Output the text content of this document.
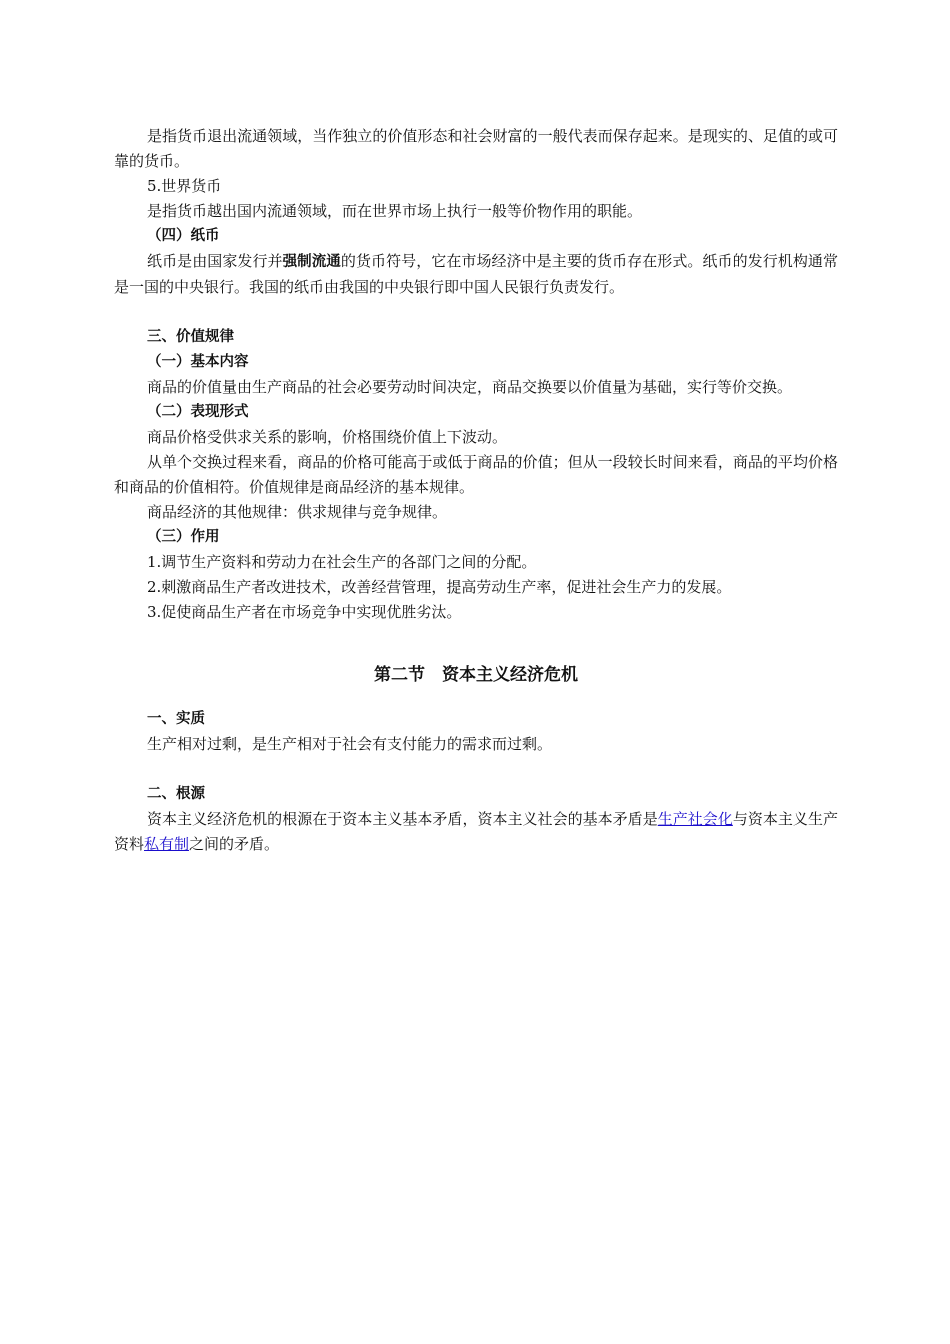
是指货币退出流通领域，当作独立的价值形态和社会财富的一般代表而保存起来。是现实的、足值的或可靠的货币。

5.世界货币

是指货币越出国内流通领域，而在世界市场上执行一般等价物作用的职能。

（四）纸币

纸币是由国家发行并强制流通的货币符号，它在市场经济中是主要的货币存在形式。纸币的发行机构通常是一国的中央银行。我国的纸币由我国的中央银行即中国人民银行负责发行。

三、价值规律

（一）基本内容

商品的价值量由生产商品的社会必要劳动时间决定，商品交换要以价值量为基础，实行等价交换。

（二）表现形式

商品价格受供求关系的影响，价格围绕价值上下波动。

从单个交换过程来看，商品的价格可能高于或低于商品的价值；但从一段较长时间来看，商品的平均价格和商品的价值相符。价值规律是商品经济的基本规律。

商品经济的其他规律：供求规律与竞争规律。

（三）作用

1.调节生产资料和劳动力在社会生产的各部门之间的分配。

2.刺激商品生产者改进技术，改善经营管理，提高劳动生产率，促进社会生产力的发展。

3.促使商品生产者在市场竞争中实现优胜劣汰。

第二节　资本主义经济危机

一、实质

生产相对过剩，是生产相对于社会有支付能力的需求而过剩。

二、根源

资本主义经济危机的根源在于资本主义基本矛盾，资本主义社会的基本矛盾是生产社会化与资本主义生产资料私有制之间的矛盾。
